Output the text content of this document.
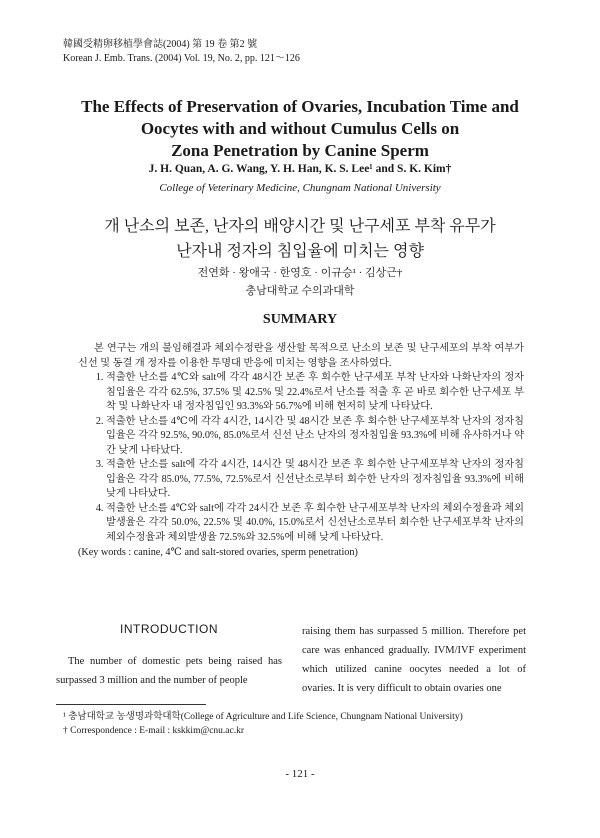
韓國受精卵移植學會誌(2004) 第 19 卷 第2 號
Korean J. Emb. Trans. (2004) Vol. 19, No. 2, pp. 121～126
The Effects of Preservation of Ovaries, Incubation Time and
Oocytes with and without Cumulus Cells on
Zona Penetration by Canine Sperm
J. H. Quan, A. G. Wang, Y. H. Han, K. S. Lee¹ and S. K. Kim†
College of Veterinary Medicine, Chungnam National University
개 난소의 보존, 난자의 배양시간 및 난구세포 부착 유무가
난자내 정자의 침입율에 미치는 영향
전연화 · 왕애국 · 한영호 · 이규승¹ · 김상근†
충남대학교 수의과대학
SUMMARY

본 연구는 개의 불임해결과 체외수정란을 생산할 목적으로 난소의 보존 및 난구세포의 부착 여부가 신선 및 동결 개 정자를 이용한 투명대 반응에 미치는 영향을 조사하였다.

1. 적출한 난소를 4℃와 salt에 각각 48시간 보존 후 회수한 난구세포 부착 난자와 나화난자의 정자침입율은 각각 62.5%, 37.5% 및 42.5% 및 22.4%로서 난소를 적출 후 곧 바로 회수한 난구세포 부착 및 나화난자 내 정자침입인 93.3%와 56.7%에 비해 현저히 낮게 나타났다.
2. 적출한 난소를 4℃에 각각 4시간, 14시간 및 48시간 보존 후 회수한 난구세포부착 난자의 정자침입율은 각각 92.5%, 90.0%, 85.0%로서 신선 난소 난자의 정자침입율 93.3%에 비해 유사하거나 약간 낮게 나타났다.
3. 적출한 난소를 salt에 각각 4시간, 14시간 및 48시간 보존 후 회수한 난구세포부착 난자의 정자침입율은 각각 85.0%, 77.5%, 72.5%로서 신선난소로부터 회수한 난자의 정자침입율 93.3%에 비해 낮게 나타났다.
4. 적출한 난소를 4℃와 salt에 각각 24시간 보존 후 회수한 난구세포부착 난자의 체외수정율과 체외발생율은 각각 50.0%, 22.5% 및 40.0%, 15.0%로서 신선난소로부터 회수한 난구세포부착 난자의 체외수정율과 체외발생율 72.5%와 32.5%에 비해 낮게 나타났다.

(Key words : canine, 4℃ and salt-stored ovaries, sperm penetration)

INTRODUCTION

The number of domestic pets being raised has surpassed 3 million and the number of people

raising them has surpassed 5 million. Therefore pet care was enhanced gradually. IVM/IVF experiment which utilized canine oocytes needed a lot of ovaries. It is very difficult to obtain ovaries one

¹ 충남대학교 농생명과학대학(College of Agriculture and Life Science, Chungnam National University)
† Correspondence : E-mail : kskkim@cnu.ac.kr
- 121 -
